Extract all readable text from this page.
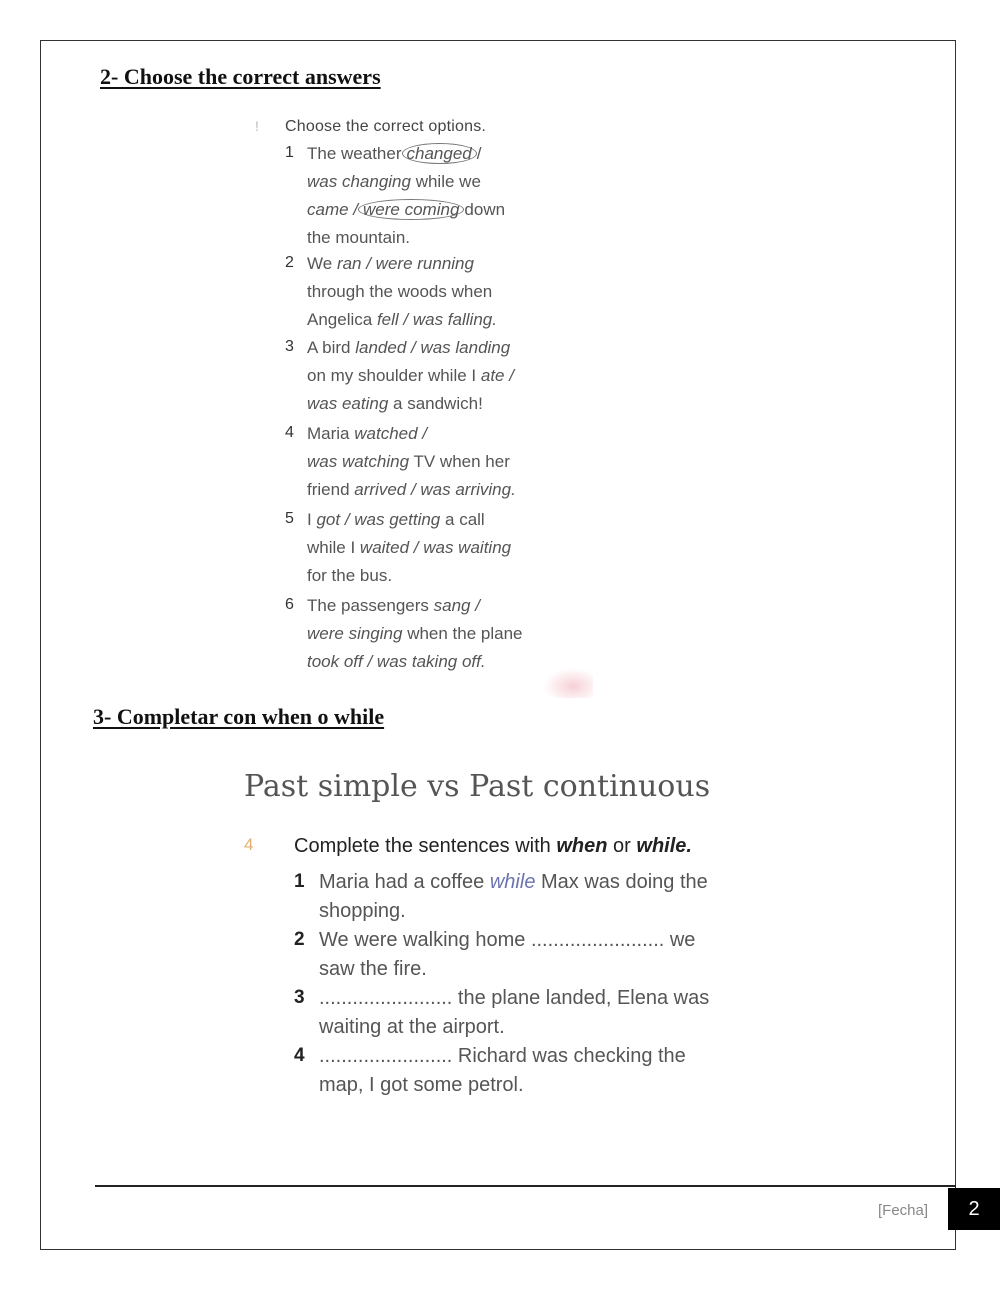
2- Choose the correct answers
! Choose the correct options.
1 The weather changed /
was changing while we
came / were coming down
the mountain.
2 We ran / were running
through the woods when
Angelica fell / was falling.
3 A bird landed / was landing
on my shoulder while I ate /
was eating a sandwich!
4 Maria watched /
was watching TV when her
friend arrived / was arriving.
5 I got / was getting a call
while I waited / was waiting
for the bus.
6 The passengers sang /
were singing when the plane
took off / was taking off.
3- Completar con when o while
Past simple vs Past continuous
4 Complete the sentences with when or while.
1 Maria had a coffee while Max was doing the
shopping.
2 We were walking home ........................ we
saw the fire.
3 ........................ the plane landed, Elena was
waiting at the airport.
4 ........................ Richard was checking the
map, I got some petrol.
[Fecha]	2
